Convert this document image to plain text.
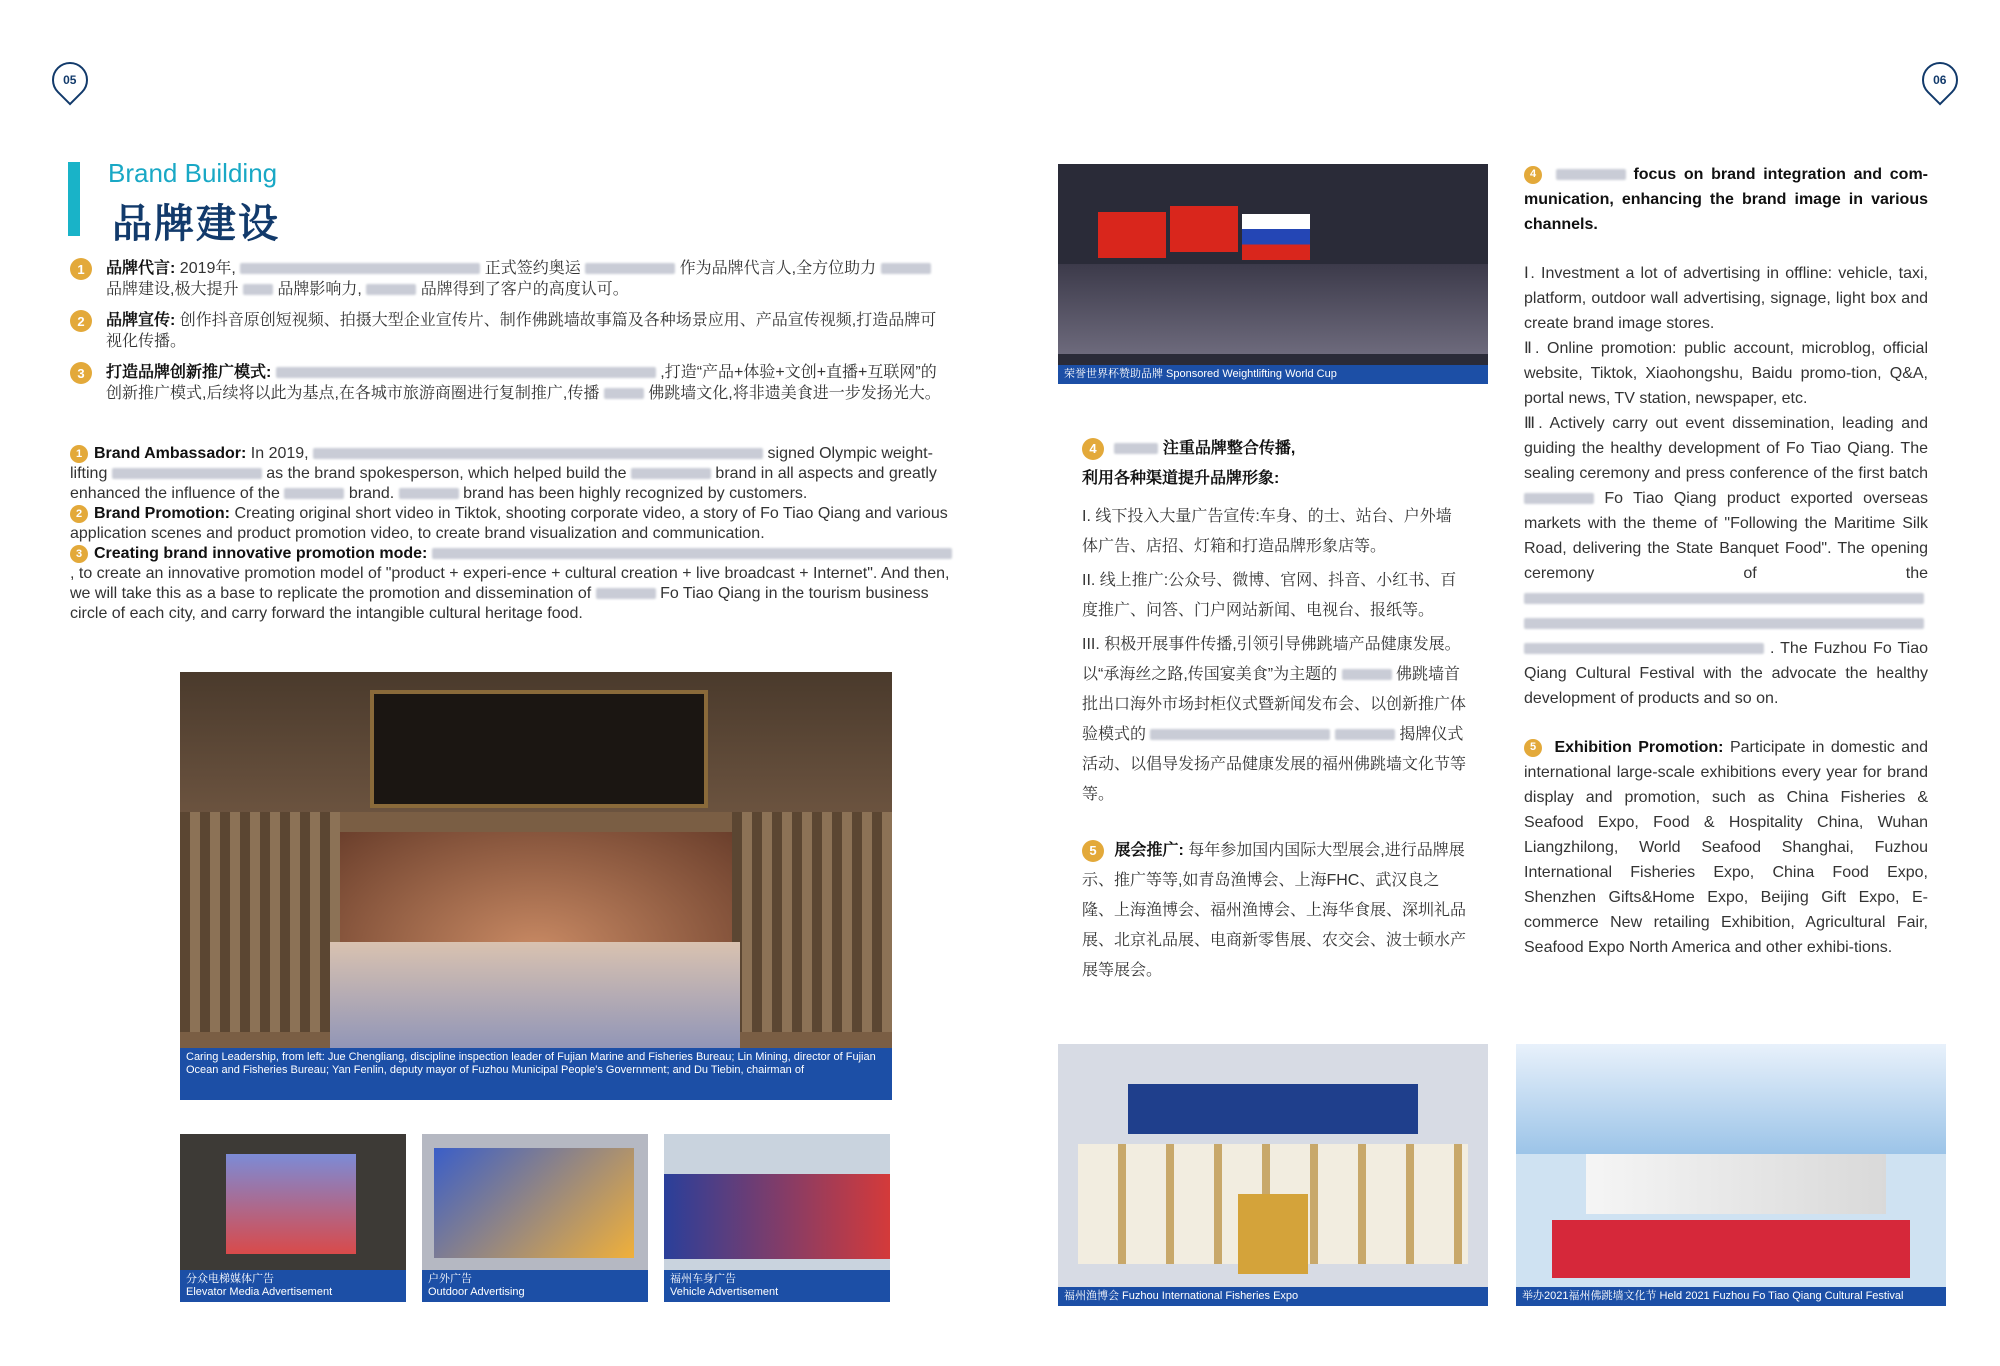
05	06
Brand Building
品牌建设
1	品牌代言: 2019年,	正式签约奥运	作为品牌代言人,全方位助力  品牌建设,极大提升 品牌影响力,	品牌得到了客户的高度认可。
2	品牌宣传: 创作抖音原创短视频、拍摄大型企业宣传片、制作佛跳墙故事篇及各种场景应用、产品宣传视频,打造品牌可视化传播。
3	打造品牌创新推广模式:	,打造“产品+体验+文创+直播+互联网”的创新推广模式,后续将以此为基点,在各城市旅游商圈进行复制推广,传播	佛跳墙文化,将非遗美食进一步发扬光大。
1 Brand Ambassador: In 2019,	signed Olympic weight-lifting	as the brand spokesperson, which helped build the	brand in all aspects and greatly enhanced the influence of the	brand.	brand has been highly recognized by customers.
2 Brand Promotion: Creating original short video in Tiktok, shooting corporate video, a story of Fo Tiao Qiang and various application scenes and product promotion video, to create brand visualization and communication.
3 Creating brand innovative promotion mode:  , to create an innovative promotion model of "product + experi-ence + cultural creation + live broadcast + Internet". And then, we will take this as a base to replicate the promotion and dissemination of	Fo Tiao Qiang in the tourism business circle of each city, and carry forward the intangible cultural heritage food.
Caring Leadership, from left: Jue Chengliang, discipline inspection leader of Fujian Marine and Fisheries Bureau; Lin Mining, director of Fujian Ocean and Fisheries Bureau; Yan Fenlin, deputy mayor of Fuzhou Municipal People's Government; and Du Tiebin, chairman of
分众电梯媒体广告
Elevator Media Advertisement
户外广告
Outdoor Advertising
福州车身广告
Vehicle Advertisement
荣誉世界杯赞助品牌 Sponsored Weightlifting World Cup
4	注重品牌整合传播,
利用各种渠道提升品牌形象:
I. 线下投入大量广告宣传:车身、的士、站台、户外墙体广告、店招、灯箱和打造品牌形象店等。
II. 线上推广:公众号、微博、官网、抖音、小红书、百度推广、问答、门户网站新闻、电视台、报纸等。
III. 积极开展事件传播,引领引导佛跳墙产品健康发展。以“承海丝之路,传国宴美食”为主题的	佛跳墙首批出口海外市场封柜仪式暨新闻发布会、以创新推广体验模式的	揭牌仪式活动、以倡导发扬产品健康发展的福州佛跳墙文化节等等。
5 展会推广: 每年参加国内国际大型展会,进行品牌展示、推广等等,如青岛渔博会、上海FHC、武汉良之隆、上海渔博会、福州渔博会、上海华食展、深圳礼品展、北京礼品展、电商新零售展、农交会、波士顿水产展等展会。
4	focus on brand integration and com-munication, enhancing the brand image in various channels.
Ⅰ. Investment a lot of advertising in offline: vehicle, taxi, platform, outdoor wall advertising, signage, light box and create brand image stores.
Ⅱ. Online promotion: public account, microblog, official website, Tiktok, Xiaohongshu, Baidu promo-tion, Q&A, portal news, TV station, newspaper, etc.
Ⅲ. Actively carry out event dissemination, leading and guiding the healthy development of Fo Tiao Qiang. The sealing ceremony and press conference of the first batch  Fo Tiao Qiang product exported overseas markets with the theme of "Following the Maritime Silk Road, delivering the State Banquet Food". The opening ceremony of the    . The Fuzhou Fo Tiao Qiang Cultural Festival with the advocate the healthy development of products and so on.
5 Exhibition Promotion: Participate in domestic and international large-scale exhibitions every year for brand display and promotion, such as China Fisheries & Seafood Expo, Food & Hospitality China, Wuhan Liangzhilong, World Seafood Shanghai, Fuzhou International Fisheries Expo, China Food Expo, Shenzhen Gifts&Home Expo, Beijing Gift Expo, E-commerce New retailing Exhibition, Agricultural Fair, Seafood Expo North America and other exhibi-tions.
福州渔博会 Fuzhou International Fisheries Expo	举办2021福州佛跳墙文化节 Held 2021 Fuzhou Fo Tiao Qiang Cultural Festival
